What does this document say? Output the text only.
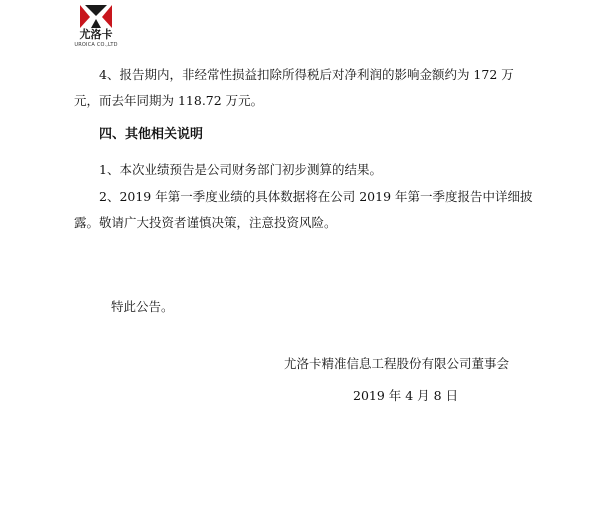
尤洛卡
UROICA CO.,LTD

4、报告期内，非经常性损益扣除所得税后对净利润的影响金额约为 172 万元，而去年同期为 118.72 万元。

四、其他相关说明

1、本次业绩预告是公司财务部门初步测算的结果。

2、2019 年第一季度业绩的具体数据将在公司 2019 年第一季度报告中详细披露。敬请广大投资者谨慎决策，注意投资风险。

特此公告。

尤洛卡精准信息工程股份有限公司董事会

2019 年 4 月 8 日
